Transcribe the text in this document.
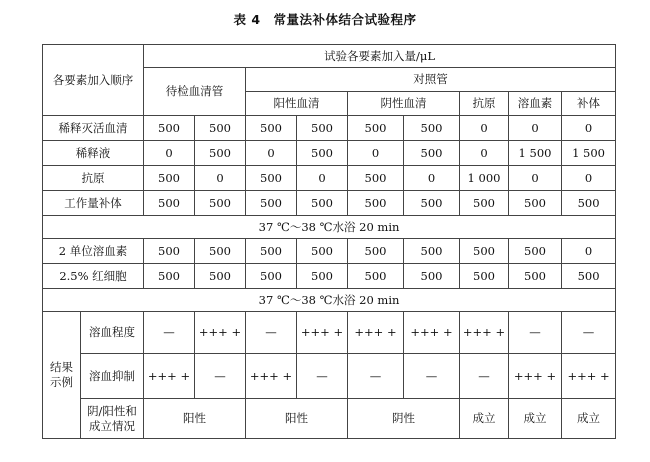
表 4　常量法补体结合试验程序
各要素加入顺序		试验各要素加入量/μL								
		待检血清管		对照管						
				阳性血清		阴性血清		抗原	溶血素	补体
稀释灭活血清		500	500	500	500	500	500	0	0	0
稀释液		0	500	0	500	0	500	0	1 500	1 500
抗原		500	0	500	0	500	0	1 000	0	0
工作量补体		500	500	500	500	500	500	500	500	500
37 ℃～38 ℃水浴 20 min										
2 单位溶血素		500	500	500	500	500	500	500	500	0
2.5% 红细胞		500	500	500	500	500	500	500	500	500
37 ℃～38 ℃水浴 20 min										
结果示例	溶血程度	—	+++ +	—	+++ +	+++ +	+++ +	+++ +	—	—
	溶血抑制	+++ +	—	+++ +	—	—	—	—	+++ +	+++ +
	阴/阳性和成立情况	阳性		阳性		阴性		成立	成立	成立
